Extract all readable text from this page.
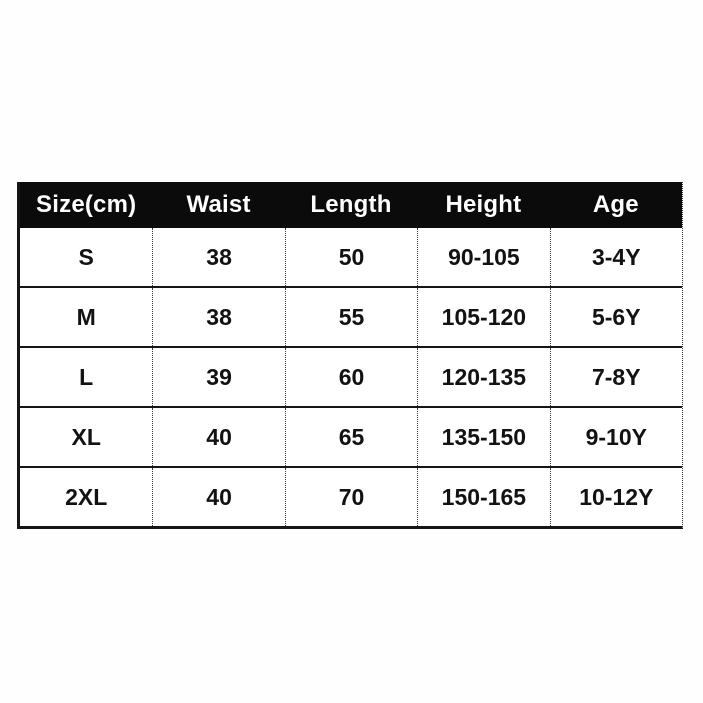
Size(cm)	Waist	Length	Height	Age
S	38	50	90-105	3-4Y
M	38	55	105-120	5-6Y
L	39	60	120-135	7-8Y
XL	40	65	135-150	9-10Y
2XL	40	70	150-165	10-12Y
